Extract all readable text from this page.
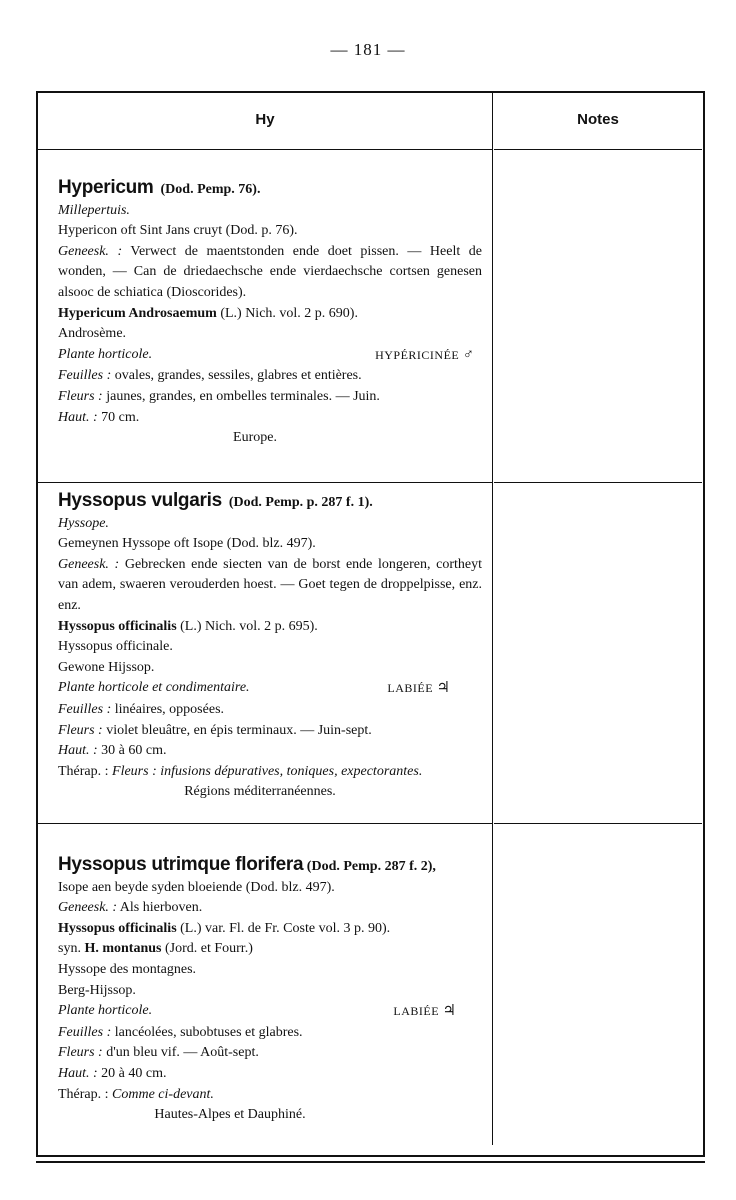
— 181 —
Hy	Notes

Hypericum (Dod. Pemp. 76).

Millepertuis.

Hypericon oft Sint Jans cruyt (Dod. p. 76).

Geneesk. : Verwect de maentstonden ende doet pissen. — Heelt de wonden, — Can de driedaechsche ende vierdaechsche cortsen genesen alsooc de schiatica (Dioscorides).

Hypericum Androsaemum (L.) Nich. vol. 2 p. 690).

Androsème.

Plante horticole.	HYPÉRICINÉE ♂

Feuilles : ovales, grandes, sessiles, glabres et entières.

Fleurs : jaunes, grandes, en ombelles terminales. — Juin.

Haut. : 70 cm.

Europe.

Hyssopus vulgaris (Dod. Pemp. p. 287 f. 1).

Hyssope.

Gemeynen Hyssope oft Isope (Dod. blz. 497).

Geneesk. : Gebrecken ende siecten van de borst ende longeren, cortheyt van adem, swaeren verouderden hoest. — Goet tegen de droppelpisse, enz. enz.

Hyssopus officinalis (L.) Nich. vol. 2 p. 695).

Hyssopus officinale.

Gewone Hijssop.

Plante horticole et condimentaire.	LABIÉE ♃

Feuilles : linéaires, opposées.

Fleurs : violet bleuâtre, en épis terminaux. — Juin-sept.

Haut. : 30 à 60 cm.

Thérap. : Fleurs : infusions dépuratives, toniques, expectorantes.

Régions méditerranéennes.

Hyssopus utrimque florifera (Dod. Pemp. 287 f. 2),

Isope aen beyde syden bloeiende (Dod. blz. 497).

Geneesk. : Als hierboven.

Hyssopus officinalis (L.) var. Fl. de Fr. Coste vol. 3 p. 90).

syn. H. montanus (Jord. et Fourr.)

Hyssope des montagnes.

Berg-Hijssop.

Plante horticole.	LABIÉE ♃

Feuilles : lancéolées, subobtuses et glabres.

Fleurs : d'un bleu vif. — Août-sept.

Haut. : 20 à 40 cm.

Thérap. : Comme ci-devant.

Hautes-Alpes et Dauphiné.
